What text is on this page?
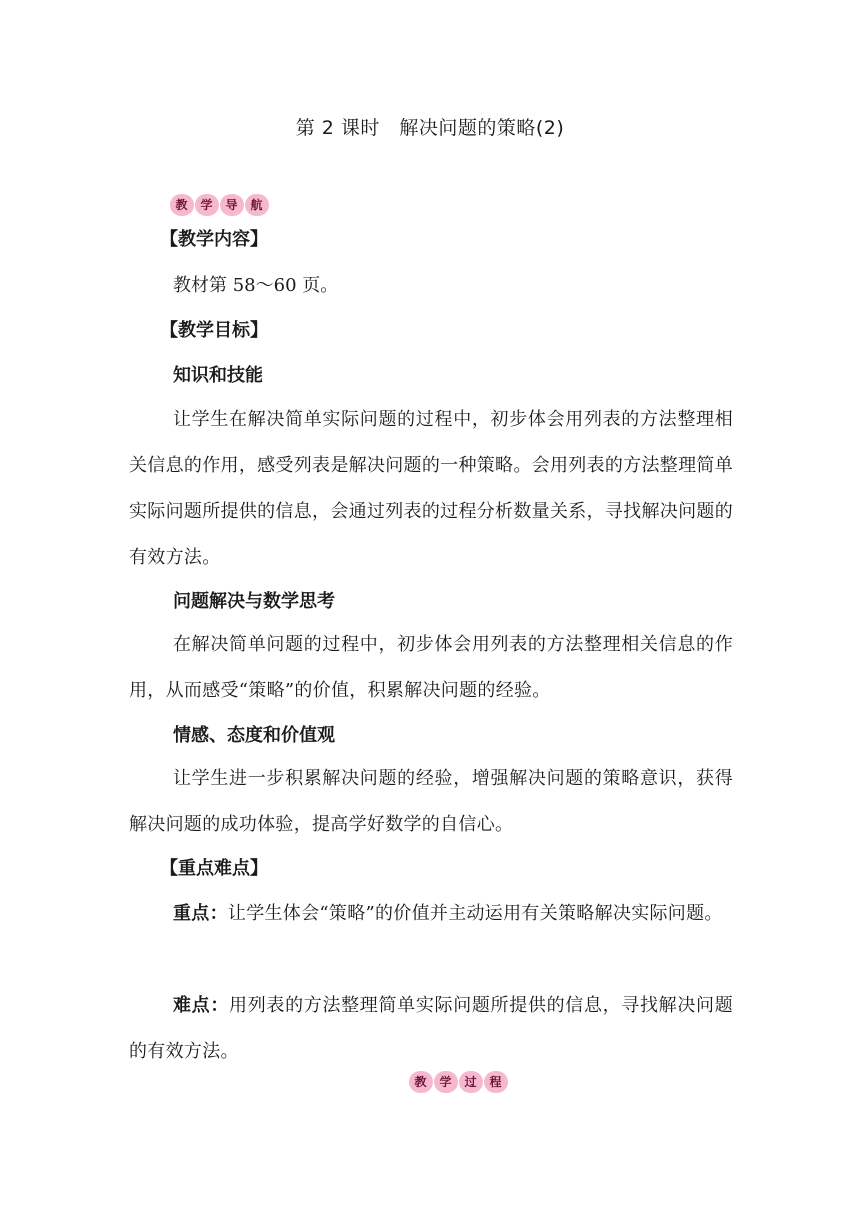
第 2 课时　解决问题的策略(2)
教 学 导 航
【教学内容】
教材第 58～60 页。
【教学目标】
知识和技能
让学生在解决简单实际问题的过程中，初步体会用列表的方法整理相关信息的作用，感受列表是解决问题的一种策略。会用列表的方法整理简单实际问题所提供的信息，会通过列表的过程分析数量关系，寻找解决问题的有效方法。
问题解决与数学思考
在解决简单问题的过程中，初步体会用列表的方法整理相关信息的作用，从而感受“策略”的价值，积累解决问题的经验。
情感、态度和价值观
让学生进一步积累解决问题的经验，增强解决问题的策略意识，获得解决问题的成功体验，提高学好数学的自信心。
【重点难点】
重点：让学生体会“策略”的价值并主动运用有关策略解决实际问题。
难点：用列表的方法整理简单实际问题所提供的信息，寻找解决问题的有效方法。
教 学 过 程
